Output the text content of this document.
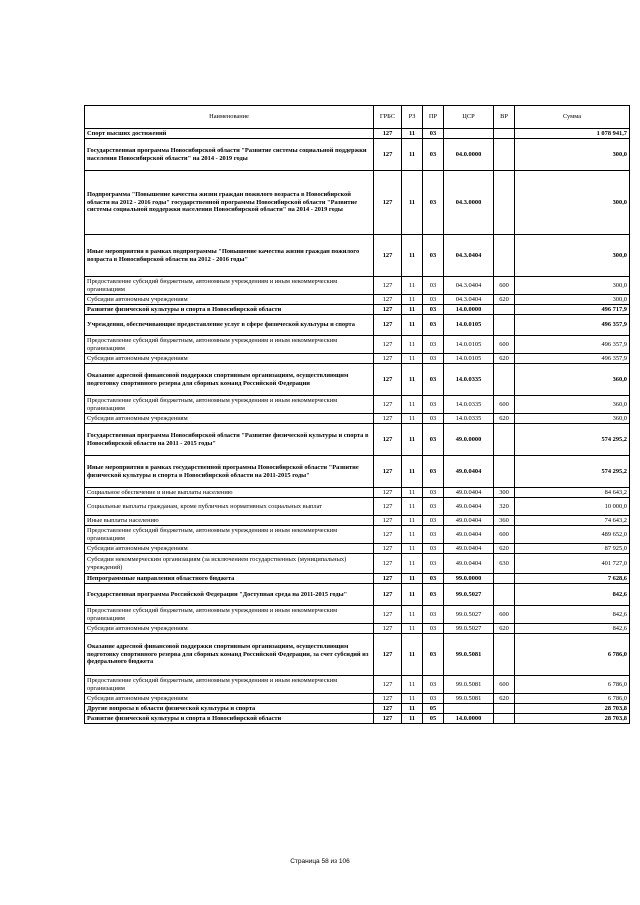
Наименование	ГРБС	РЗ	ПР	ЦСР	ВР	Сумма
Спорт высших достижений	127	11	03			1 078 941,7
Государственная программа Новосибирской области "Развитие системы социальной поддержки населения Новосибирской области" на 2014 - 2019 годы	127	11	03	04.0.0000		300,0
Подпрограмма "Повышение качества жизни граждан пожилого возраста в Новосибирской области на 2012 - 2016 годы" государственной программы Новосибирской области "Развитие системы социальной поддержки населения Новосибирской области" на 2014 - 2019 годы	127	11	03	04.3.0000		300,0
Иные мероприятия в рамках подпрограммы "Повышение качества жизни граждан пожилого возраста в Новосибирской области на 2012 - 2016 годы"	127	11	03	04.3.0404		300,0
Предоставление субсидий бюджетным, автономным учреждениям и иным некоммерческим организациям	127	11	03	04.3.0404	600	300,0
Субсидии автономным учреждениям	127	11	03	04.3.0404	620	300,0
Развитие физической культуры и спорта в Новосибирской области	127	11	03	14.0.0000		496 717,9
Учреждения, обеспечивающие предоставление услуг в сфере физической культуры и спорта	127	11	03	14.0.0105		496 357,9
Предоставление субсидий бюджетным, автономным учреждениям и иным некоммерческим организациям	127	11	03	14.0.0105	600	496 357,9
Субсидии автономным учреждениям	127	11	03	14.0.0105	620	496 357,9
Оказание адресной финансовой поддержки спортивным организациям, осуществляющим подготовку спортивного резерва для сборных команд Российской Федерации	127	11	03	14.0.0335		360,0
Предоставление субсидий бюджетным, автономным учреждениям и иным некоммерческим организациям	127	11	03	14.0.0335	600	360,0
Субсидии автономным учреждениям	127	11	03	14.0.0335	620	360,0
Государственная программа Новосибирской области "Развитие физической культуры и спорта в Новосибирской области на 2011 - 2015 годы"	127	11	03	49.0.0000		574 295,2
Иные мероприятия в рамках государственной программы Новосибирской области "Развитие физической культуры и спорта в Новосибирской области на 2011-2015 годы"	127	11	03	49.0.0404		574 295,2
Социальное обеспечение и иные выплаты населению	127	11	03	49.0.0404	300	84 643,2
Социальные выплаты гражданам, кроме публичных нормативных социальных выплат	127	11	03	49.0.0404	320	10 000,0
Иные выплаты населению	127	11	03	49.0.0404	360	74 643,2
Предоставление субсидий бюджетным, автономным учреждениям и иным некоммерческим организациям	127	11	03	49.0.0404	600	489 652,0
Субсидии автономным учреждениям	127	11	03	49.0.0404	620	87 925,0
Субсидии некоммерческим организациям (за исключением государственных (муниципальных) учреждений)	127	11	03	49.0.0404	630	401 727,0
Непрограммные направления областного бюджета	127	11	03	99.0.0000		7 628,6
Государственная программа Российской Федерации "Доступная среда на 2011-2015 годы"	127	11	03	99.0.5027		842,6
Предоставление субсидий бюджетным, автономным учреждениям и иным некоммерческим организациям	127	11	03	99.0.5027	600	842,6
Субсидии автономным учреждениям	127	11	03	99.0.5027	620	842,6
Оказание адресной финансовой поддержки спортивным организациям, осуществляющим подготовку спортивного резерва для сборных команд Российской Федерации, за счет субсидий из федерального бюджета	127	11	03	99.0.5081		6 786,0
Предоставление субсидий бюджетным, автономным учреждениям и иным некоммерческим организациям	127	11	03	99.0.5081	600	6 786,0
Субсидии автономным учреждениям	127	11	03	99.0.5081	620	6 786,0
Другие вопросы в области физической культуры и спорта	127	11	05			28 703,8
Развитие физической культуры и спорта в Новосибирской области	127	11	05	14.0.0000		28 703,8
Страница 58 из 106
